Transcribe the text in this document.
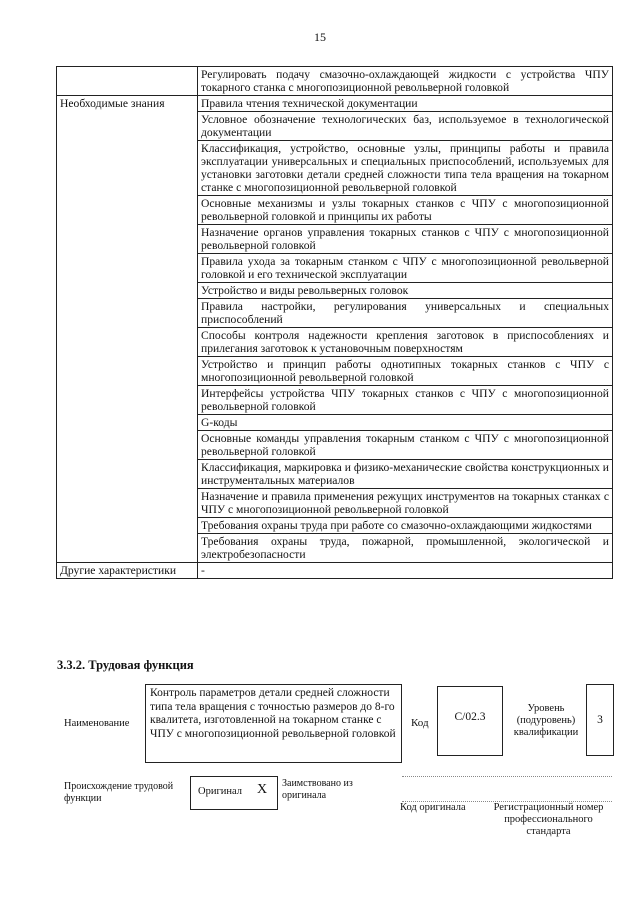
15
	Регулировать подачу смазочно-охлаждающей жидкости с устройства ЧПУ токарного станка с многопозиционной револьверной головкой
Необходимые знания	Правила чтения технической документации
	Условное обозначение технологических баз, используемое в технологической документации
	Классификация, устройство, основные узлы, принципы работы и правила эксплуатации универсальных и специальных приспособлений, используемых для установки заготовки детали средней сложности типа тела вращения на токарном станке с многопозиционной револьверной головкой
	Основные механизмы и узлы токарных станков с ЧПУ с многопозиционной револьверной головкой и принципы их работы
	Назначение органов управления токарных станков с ЧПУ с многопозиционной револьверной головкой
	Правила ухода за токарным станком с ЧПУ с многопозиционной револьверной головкой и его технической эксплуатации
	Устройство и виды револьверных головок
	Правила настройки, регулирования универсальных и специальных приспособлений
	Способы контроля надежности крепления заготовок в приспособлениях и прилегания заготовок к установочным поверхностям
	Устройство и принцип работы однотипных токарных станков с ЧПУ с многопозиционной револьверной головкой
	Интерфейсы устройства ЧПУ токарных станков с ЧПУ с многопозиционной револьверной головкой
	G-коды
	Основные команды управления токарным станком с ЧПУ с многопозиционной револьверной головкой
	Классификация, маркировка и физико-механические свойства конструкционных и инструментальных материалов
	Назначение и правила применения режущих инструментов на токарных станках с ЧПУ с многопозиционной револьверной головкой
	Требования охраны труда при работе со смазочно-охлаждающими жидкостями
	Требования охраны труда, пожарной, промышленной, экологической и электробезопасности
Другие характеристики	-
3.3.2. Трудовая функция
Наименование
Контроль параметров детали средней сложности типа тела вращения с точностью размеров до 8-го квалитета, изготовленной на токарном станке с ЧПУ с многопозиционной револьверной головкой
Код	C/02.3
Уровень (подуровень) квалификации
3
Происхождение трудовой функции
Оригинал X Заимствовано из оригинала
Код оригинала	Регистрационный номер профессионального стандарта
